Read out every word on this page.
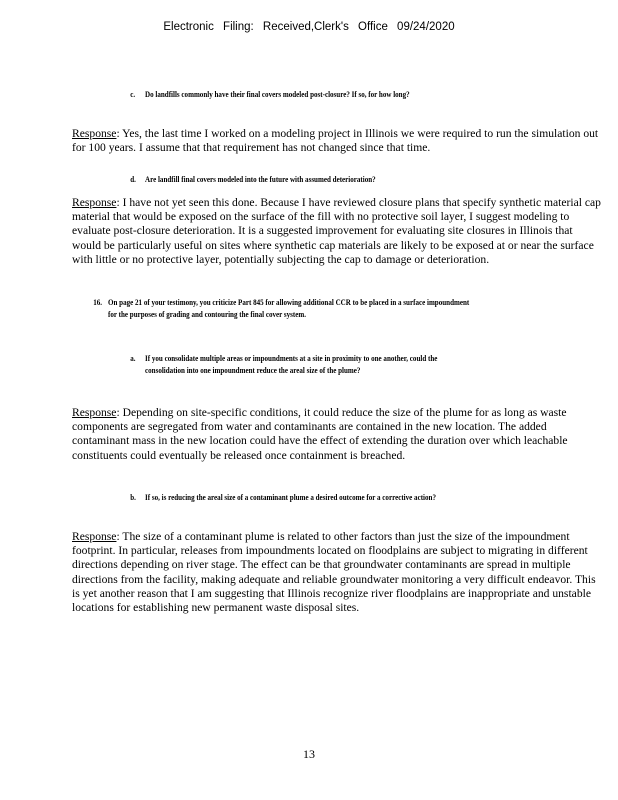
Electronic Filing: Received,Clerk's Office 09/24/2020
c. Do landfills commonly have their final covers modeled post-closure? If so, for how long?
Response: Yes, the last time I worked on a modeling project in Illinois we were required to run the simulation out for 100 years. I assume that that requirement has not changed since that time.
d. Are landfill final covers modeled into the future with assumed deterioration?
Response: I have not yet seen this done. Because I have reviewed closure plans that specify synthetic material cap material that would be exposed on the surface of the fill with no protective soil layer, I suggest modeling to evaluate post-closure deterioration. It is a suggested improvement for evaluating site closures in Illinois that would be particularly useful on sites where synthetic cap materials are likely to be exposed at or near the surface with little or no protective layer, potentially subjecting the cap to damage or deterioration.
16. On page 21 of your testimony, you criticize Part 845 for allowing additional CCR to be placed in a surface impoundment for the purposes of grading and contouring the final cover system.
a. If you consolidate multiple areas or impoundments at a site in proximity to one another, could the consolidation into one impoundment reduce the areal size of the plume?
Response: Depending on site-specific conditions, it could reduce the size of the plume for as long as waste components are segregated from water and contaminants are contained in the new location. The added contaminant mass in the new location could have the effect of extending the duration over which leachable constituents could eventually be released once containment is breached.
b. If so, is reducing the areal size of a contaminant plume a desired outcome for a corrective action?
Response: The size of a contaminant plume is related to other factors than just the size of the impoundment footprint. In particular, releases from impoundments located on floodplains are subject to migrating in different directions depending on river stage. The effect can be that groundwater contaminants are spread in multiple directions from the facility, making adequate and reliable groundwater monitoring a very difficult endeavor. This is yet another reason that I am suggesting that Illinois recognize river floodplains are inappropriate and unstable locations for establishing new permanent waste disposal sites.
13
